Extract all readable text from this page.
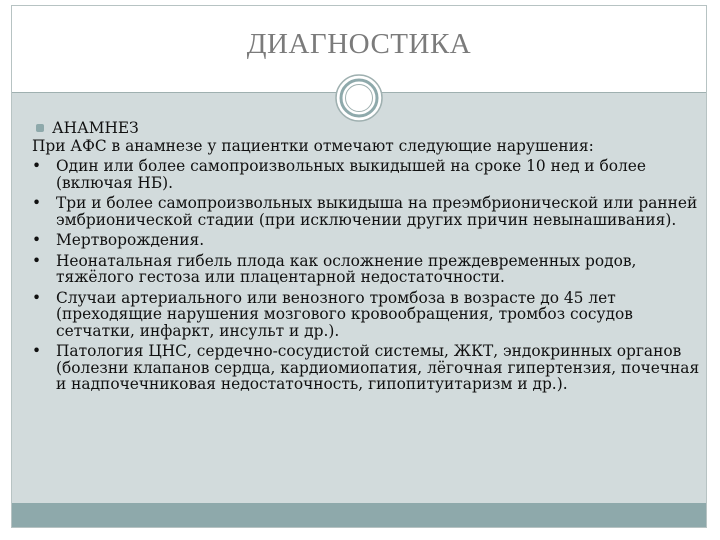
ДИАГНОСТИКА
АНАМНЕЗ
При АФС в анамнезе у пациентки отмечают следующие нарушения:
• Один или более самопроизвольных выкидышей на сроке 10 нед и более (включая НБ).
• Три и более самопроизвольных выкидыша на преэмбрионической или ранней эмбрионической стадии (при исключении других причин невынашивания).
• Мертворождения.
• Неонатальная гибель плода как осложнение преждевременных родов, тяжёлого гестоза или плацентарной недостаточности.
• Случаи артериального или венозного тромбоза в возрасте до 45 лет (преходящие нарушения мозгового кровообращения, тромбоз сосудов сетчатки, инфаркт, инсульт и др.).
• Патология ЦНС, сердечно-сосудистой системы, ЖКТ, эндокринных органов (болезни клапанов сердца, кардиомиопатия, лёгочная гипертензия, почечная и надпочечниковая недостаточность, гипопитуитаризм и др.).
